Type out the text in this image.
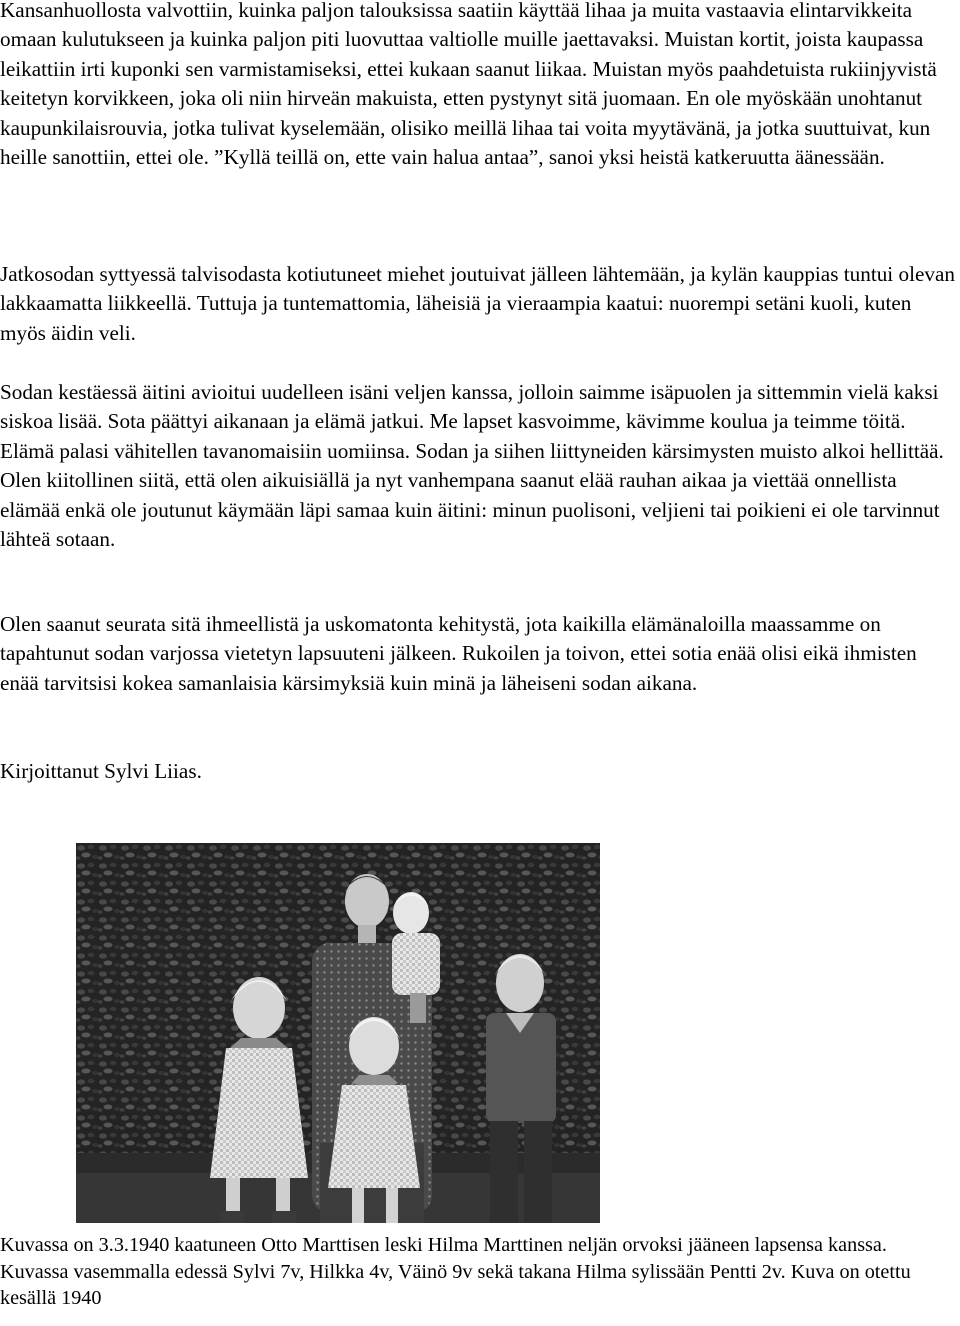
Kansanhuollosta valvottiin, kuinka paljon talouksissa saatiin käyttää lihaa ja muita vastaavia elintarvikkeita omaan kulutukseen ja kuinka paljon piti luovuttaa valtiolle muille jaettavaksi. Muistan kortit, joista kaupassa leikattiin irti kuponki sen varmistamiseksi, ettei kukaan saanut liikaa. Muistan myös paahdetuista rukiinjyvistä keitetyn korvikkeen, joka oli niin hirveän makuista, etten pystynyt sitä juomaan. En ole myöskään unohtanut kaupunkilaisrouvia, jotka tulivat kyselemään, olisiko meillä lihaa tai voita myytävänä, ja jotka suuttuivat, kun heille sanottiin, ettei ole. ”Kyllä teillä on, ette vain halua antaa”, sanoi yksi heistä katkeruutta äänessään.

Jatkosodan syttyessä talvisodasta kotiutuneet miehet joutuivat jälleen lähtemään, ja kylän kauppias tuntui olevan lakkaamatta liikkeellä. Tuttuja ja tuntemattomia, läheisiä ja vieraampia kaatui: nuorempi setäni kuoli, kuten myös äidin veli.

Sodan kestäessä äitini avioitui uudelleen isäni veljen kanssa, jolloin saimme isäpuolen ja sittemmin vielä kaksi siskoa lisää. Sota päättyi aikanaan ja elämä jatkui. Me lapset kasvoimme, kävimme koulua ja teimme töitä. Elämä palasi vähitellen tavanomaisiin uomiinsa. Sodan ja siihen liittyneiden kärsimysten muisto alkoi hellittää. Olen kiitollinen siitä, että olen aikuisiällä ja nyt vanhempana saanut elää rauhan aikaa ja viettää onnellista elämää enkä ole joutunut käymään läpi samaa kuin äitini: minun puolisoni, veljieni tai poikieni ei ole tarvinnut lähteä sotaan.

Olen saanut seurata sitä ihmeellistä ja uskomatonta kehitystä, jota kaikilla elämänaloilla maassamme on tapahtunut sodan varjossa vietetyn lapsuuteni jälkeen. Rukoilen ja toivon, ettei sotia enää olisi eikä ihmisten enää tarvitsisi kokea samanlaisia kärsimyksiä kuin minä ja läheiseni sodan aikana.

Kirjoittanut Sylvi Liias.

Kuvassa on 3.3.1940 kaatuneen Otto Marttisen leski Hilma Marttinen neljän orvoksi jääneen lapsensa kanssa. Kuvassa vasemmalla edessä Sylvi 7v, Hilkka 4v, Väinö 9v sekä takana Hilma sylissään Pentti 2v. Kuva on otettu kesällä 1940
